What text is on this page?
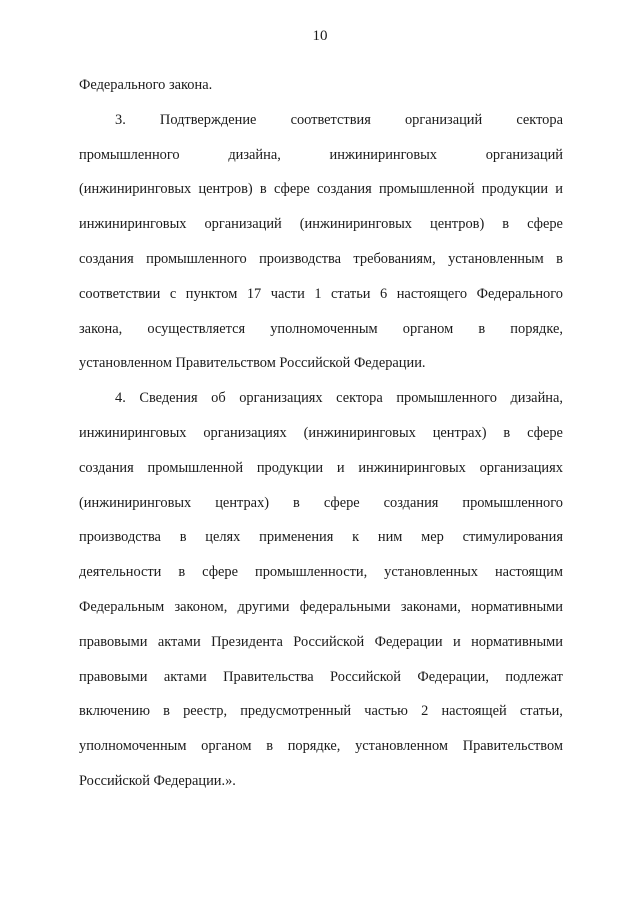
10
Федерального закона.
3. Подтверждение соответствия организаций сектора
промышленного	дизайна,	инжиниринговых	организаций
(инжиниринговых центров) в сфере создания промышленной продукции и
инжиниринговых организаций (инжиниринговых центров) в сфере
создания промышленного производства требованиям, установленным в
соответствии с пунктом 17 части 1 статьи 6 настоящего Федерального
закона, осуществляется уполномоченным органом в порядке,
установленном Правительством Российской Федерации.
4. Сведения об организациях сектора промышленного дизайна,
инжиниринговых организациях (инжиниринговых центрах) в сфере
создания промышленной продукции и инжиниринговых организациях
(инжиниринговых центрах) в сфере создания промышленного
производства в целях применения к ним мер стимулирования
деятельности в сфере промышленности, установленных настоящим
Федеральным законом, другими федеральными законами, нормативными
правовыми актами Президента Российской Федерации и нормативными
правовыми актами Правительства Российской Федерации, подлежат
включению в реестр, предусмотренный частью 2 настоящей статьи,
уполномоченным органом в порядке, установленном Правительством
Российской Федерации.».
